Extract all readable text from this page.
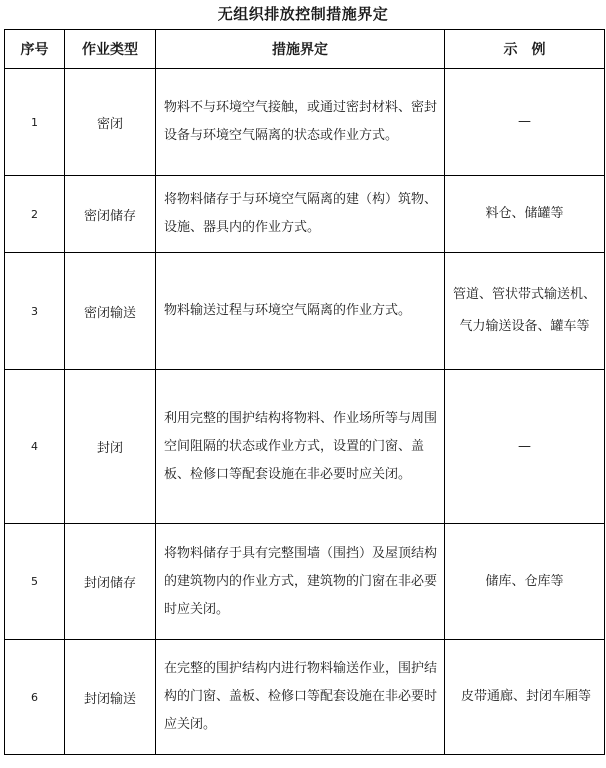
无组织排放控制措施界定
序号	作业类型	措施界定	示　例
1	密闭	物料不与环境空气接触，或通过密封材料、密封设备与环境空气隔离的状态或作业方式。	—
2	密闭储存	将物料储存于与环境空气隔离的建（构）筑物、设施、器具内的作业方式。	料仓、储罐等
3	密闭输送	物料输送过程与环境空气隔离的作业方式。	管道、管状带式输送机、气力输送设备、罐车等
4	封闭	利用完整的围护结构将物料、作业场所等与周围空间阻隔的状态或作业方式，设置的门窗、盖板、检修口等配套设施在非必要时应关闭。	—
5	封闭储存	将物料储存于具有完整围墙（围挡）及屋顶结构的建筑物内的作业方式，建筑物的门窗在非必要时应关闭。	储库、仓库等
6	封闭输送	在完整的围护结构内进行物料输送作业，围护结构的门窗、盖板、检修口等配套设施在非必要时应关闭。	皮带通廊、封闭车厢等
